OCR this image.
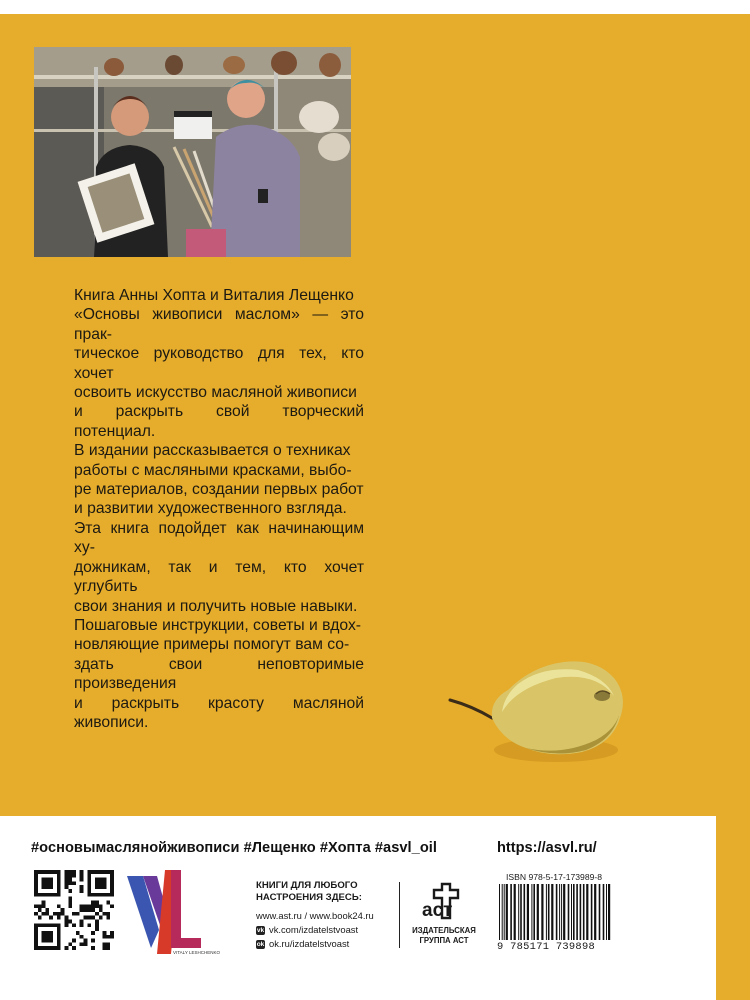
Книга Анны Хопта и Виталия Лещенко
«Основы живописи маслом» — это прак-
тическое руководство для тех, кто хочет
освоить искусство масляной живописи
и раскрыть свой творческий потенциал.
В издании рассказывается о техниках
работы с масляными красками, выбо-
ре материалов, создании первых работ
и развитии художественного взгляда.
Эта книга подойдет как начинающим ху-
дожникам, так и тем, кто хочет углубить
свои знания и получить новые навыки.
Пошаговые инструкции, советы и вдох-
новляющие примеры помогут вам со-
здать свои неповторимые произведения
и раскрыть красоту масляной живописи.

#основымаслянойживописи #Лещенко #Хопта #asvl_oil	https://asvl.ru/
VITALY LESHCHENKO
КНИГИ ДЛЯ ЛЮБОГО НАСТРОЕНИЯ ЗДЕСЬ:
www.ast.ru / www.book24.ru
vk vk.com/izdatelstvoast
ok ok.ru/izdatelstvoast
аст
ИЗДАТЕЛЬСКАЯ
ГРУППА АСТ
ISBN 978-5-17-173989-8
9 785171 739898
